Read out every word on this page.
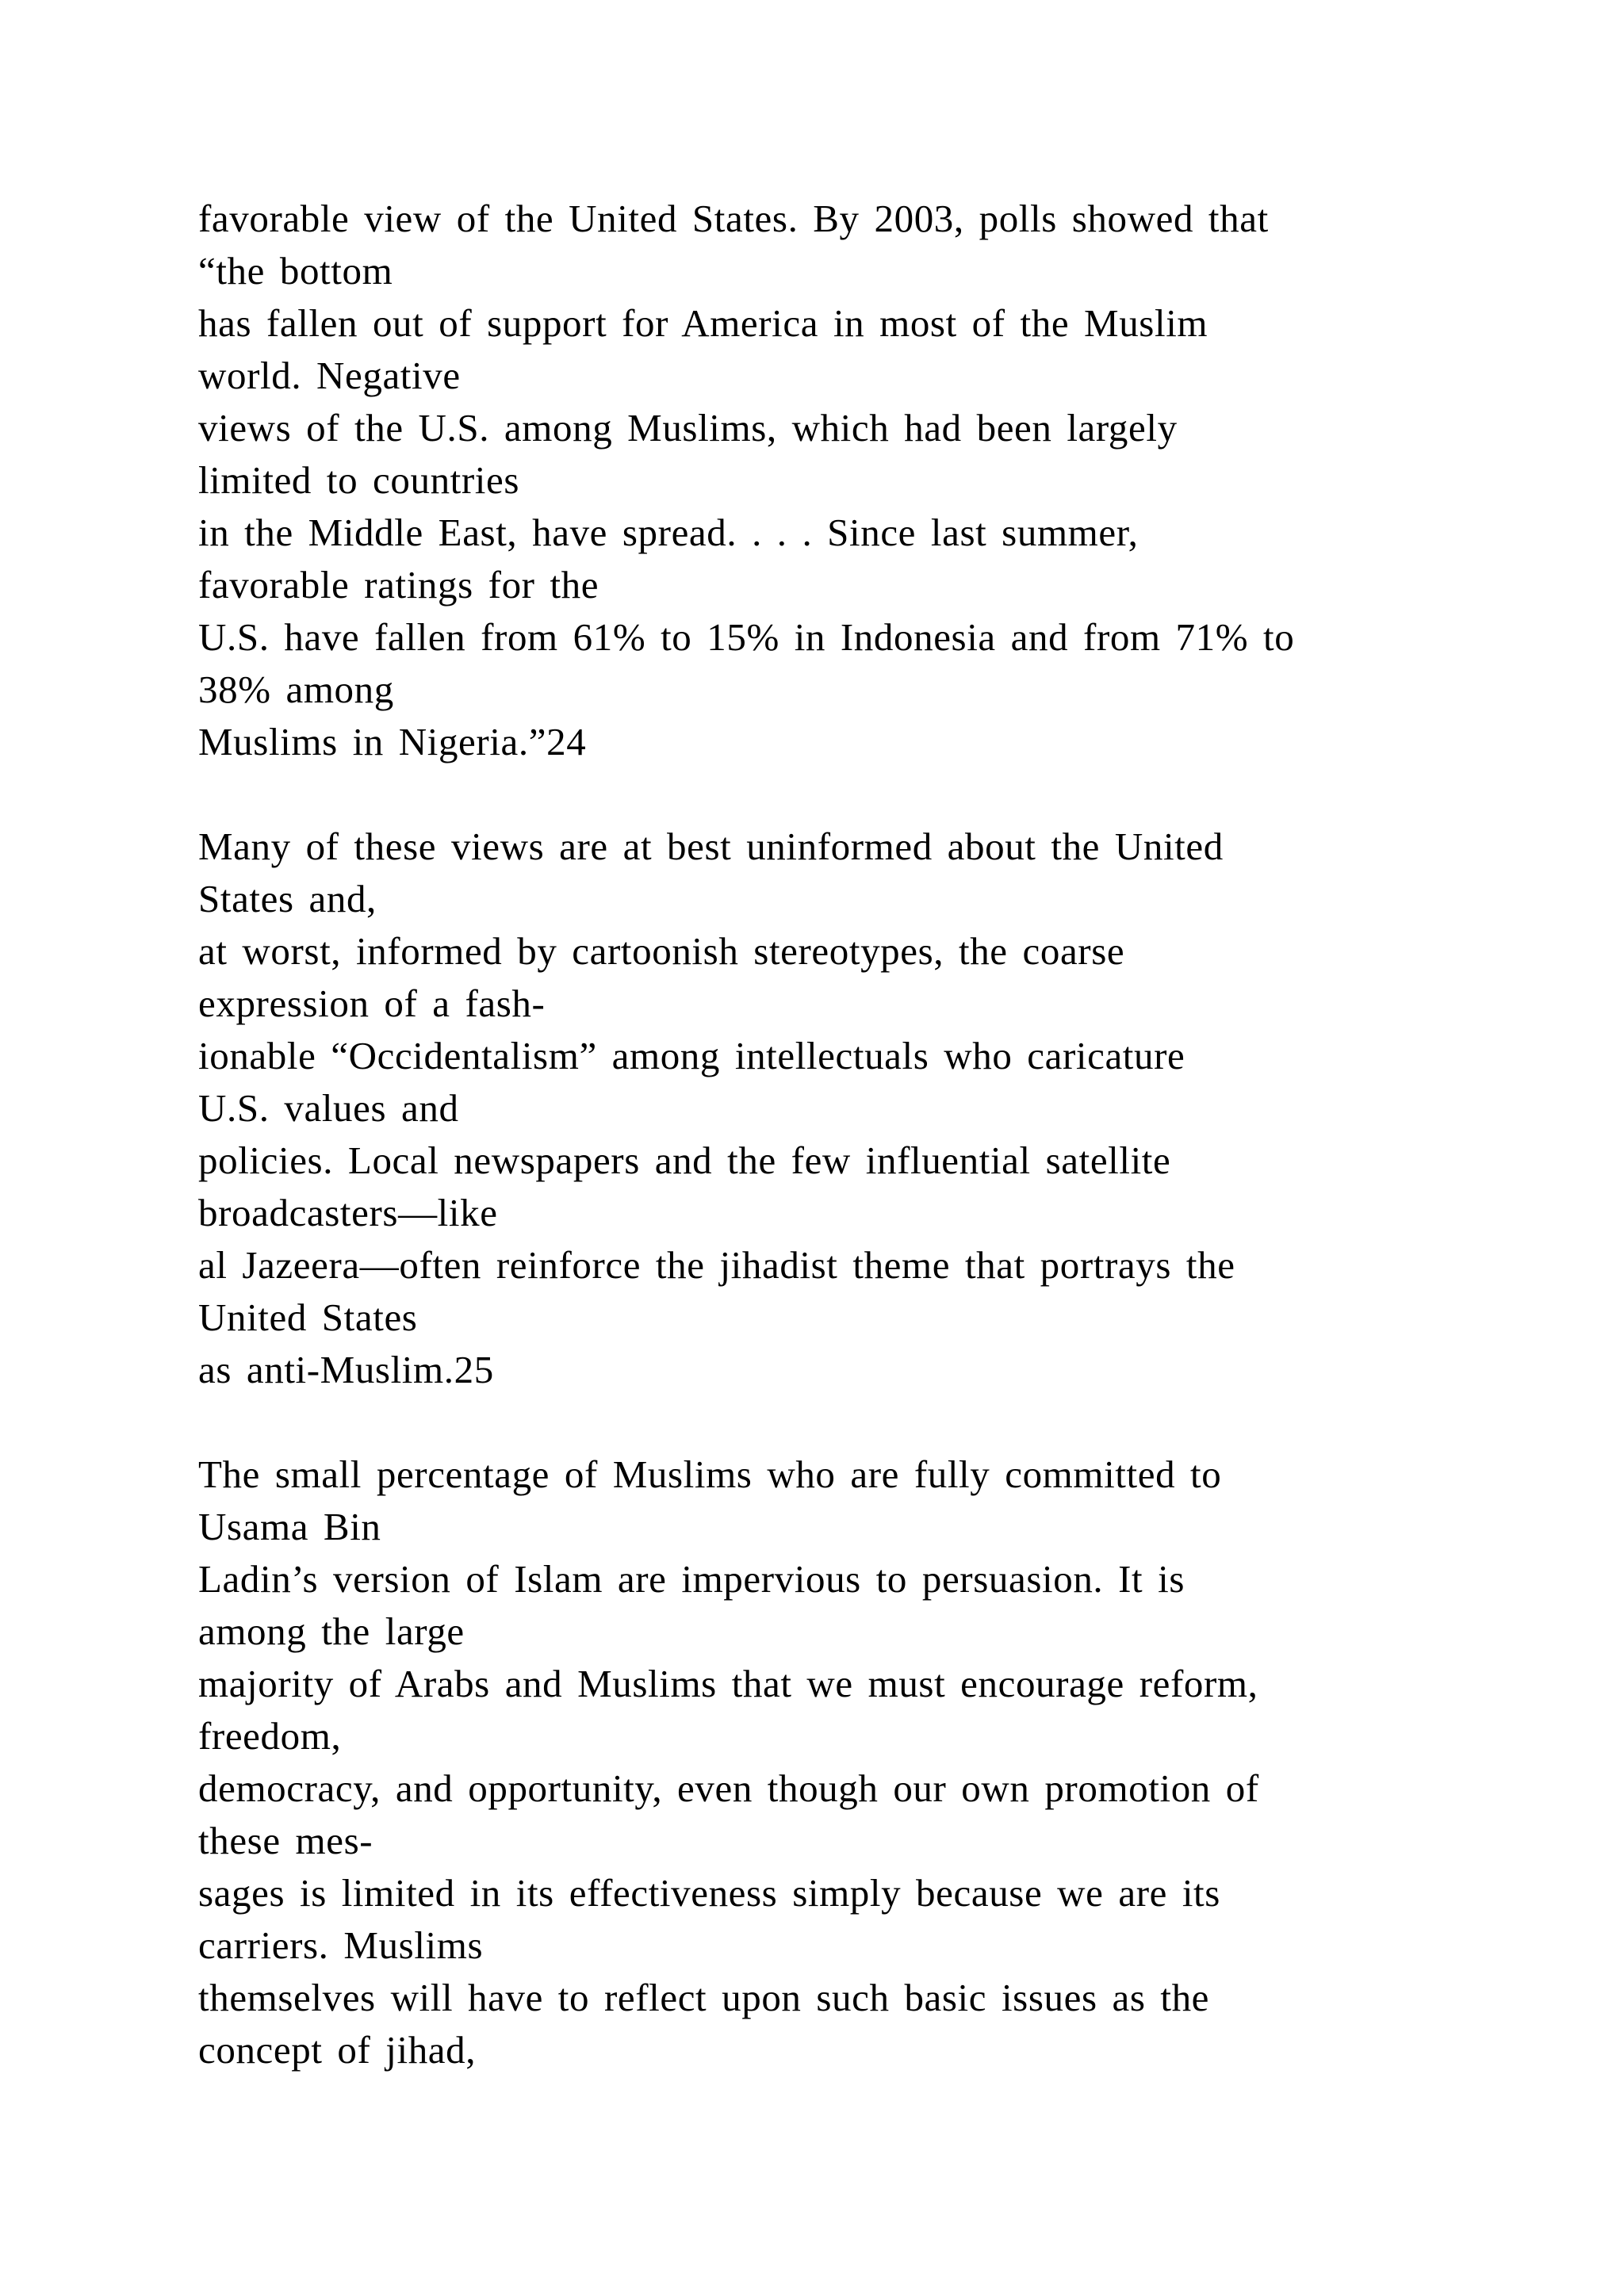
favorable view of the United States. By 2003, polls showed that
“the bottom
has fallen out of support for America in most of the Muslim
world. Negative
views of the U.S. among Muslims, which had been largely
limited to countries
in the Middle East, have spread. . . . Since last summer,
favorable ratings for the
U.S. have fallen from 61% to 15% in Indonesia and from 71% to
38% among
Muslims in Nigeria.”24
Many of these views are at best uninformed about the United
States and,
at worst, informed by cartoonish stereotypes, the coarse
expression of a fash-
ionable “Occidentalism” among intellectuals who caricature
U.S. values and
policies. Local newspapers and the few influential satellite
broadcasters—like
al Jazeera—often reinforce the jihadist theme that portrays the
United States
as anti-Muslim.25
The small percentage of Muslims who are fully committed to
Usama Bin
Ladin’s version of Islam are impervious to persuasion. It is
among the large
majority of Arabs and Muslims that we must encourage reform,
freedom,
democracy, and opportunity, even though our own promotion of
these mes-
sages is limited in its effectiveness simply because we are its
carriers. Muslims
themselves will have to reflect upon such basic issues as the
concept of jihad,
